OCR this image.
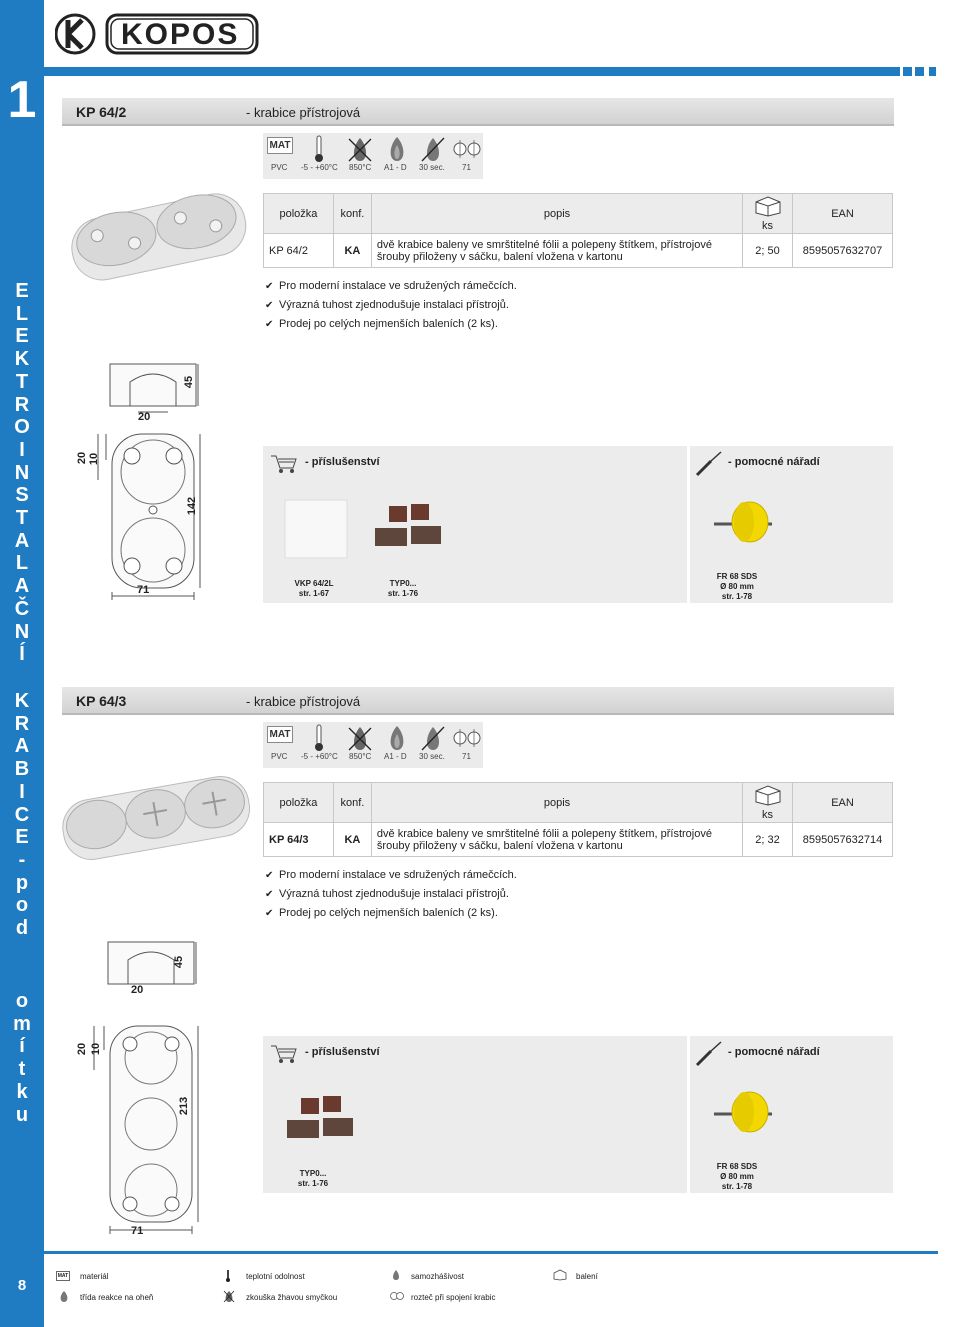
1
E
L
E
K
T
R
O
I
N
S
T
A
L
A
Č
N
Í
K
R
A
B
I
C
E
-
p
o
d
o
m
í
t
k
u
8
KOPOS
KP 64/2	- krabice přístrojová
MAT
PVC -5 - +60°C 850°C A1 - D 30 sec. 71
položka	konf.	popis	ks	EAN
KP 64/2	KA	dvě krabice baleny ve smrštitelné fólii a polepeny štítkem, přístrojové
šrouby přiloženy v sáčku, balení vložena v kartonu	2; 50	8595057632707
✔ Pro moderní instalace ve sdružených rámečcích.
✔ Výrazná tuhost zjednodušuje instalaci přístrojů.
✔ Prodej po celých nejmenších baleních (2 ks).
45
20
20 10
142
71
- příslušenství
VKP 64/2L
str. 1-67
TYP0...
str. 1-76
- pomocné nářadí
FR 68 SDS
Ø 80 mm
str. 1-78
KP 64/3	- krabice přístrojová
MAT
PVC -5 - +60°C 850°C A1 - D 30 sec. 71
položka	konf.	popis	ks	EAN
KP 64/3	KA	dvě krabice baleny ve smrštitelné fólii a polepeny štítkem, přístrojové
šrouby přiloženy v sáčku, balení vložena v kartonu	2; 32	8595057632714
✔ Pro moderní instalace ve sdružených rámečcích.
✔ Výrazná tuhost zjednodušuje instalaci přístrojů.
✔ Prodej po celých nejmenších baleních (2 ks).
45
20
20 10
213
71
- příslušenství
TYP0...
str. 1-76
- pomocné nářadí
FR 68 SDS
Ø 80 mm
str. 1-78
MAT materiál	teplotní odolnost	samozhášivost	balení
třída reakce na oheň	zkouška žhavou smyčkou	rozteč při spojení krabic
